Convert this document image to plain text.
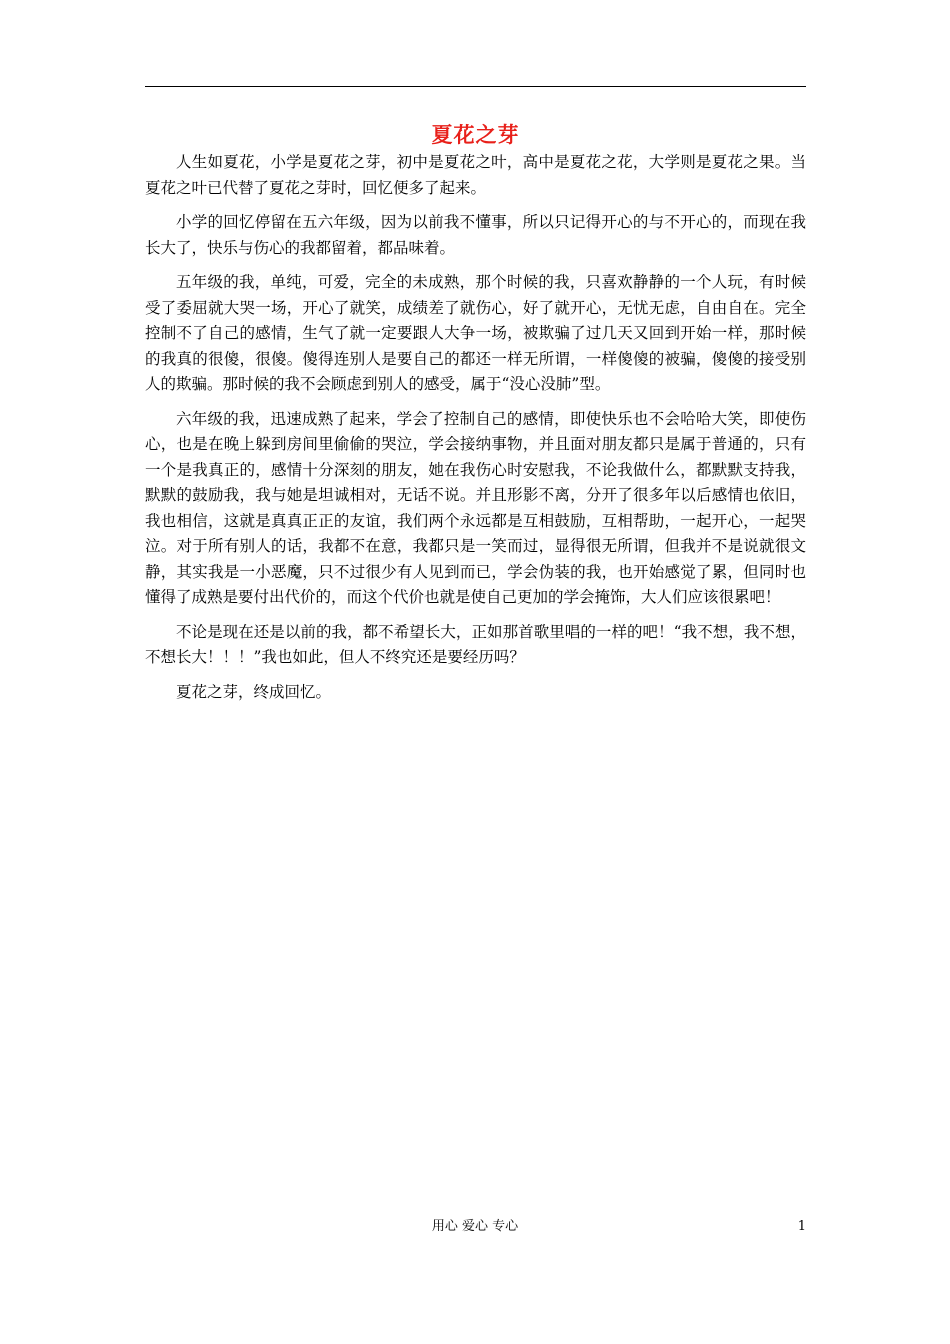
夏花之芽

人生如夏花，小学是夏花之芽，初中是夏花之叶，高中是夏花之花，大学则是夏花之果。当夏花之叶已代替了夏花之芽时，回忆便多了起来。

小学的回忆停留在五六年级，因为以前我不懂事，所以只记得开心的与不开心的，而现在我长大了，快乐与伤心的我都留着，都品味着。

五年级的我，单纯，可爱，完全的未成熟，那个时候的我，只喜欢静静的一个人玩，有时候受了委屈就大哭一场，开心了就笑，成绩差了就伤心，好了就开心，无忧无虑，自由自在。完全控制不了自己的感情，生气了就一定要跟人大争一场，被欺骗了过几天又回到开始一样，那时候的我真的很傻，很傻。傻得连别人是要自己的都还一样无所谓，一样傻傻的被骗，傻傻的接受别人的欺骗。那时候的我不会顾虑到别人的感受，属于“没心没肺”型。

六年级的我，迅速成熟了起来，学会了控制自己的感情，即使快乐也不会哈哈大笑，即使伤心，也是在晚上躲到房间里偷偷的哭泣，学会接纳事物，并且面对朋友都只是属于普通的，只有一个是我真正的，感情十分深刻的朋友，她在我伤心时安慰我，不论我做什么，都默默支持我，默默的鼓励我，我与她是坦诚相对，无话不说。并且形影不离，分开了很多年以后感情也依旧，我也相信，这就是真真正正的友谊，我们两个永远都是互相鼓励，互相帮助，一起开心，一起哭泣。对于所有别人的话，我都不在意，我都只是一笑而过，显得很无所谓，但我并不是说就很文静，其实我是一小恶魔，只不过很少有人见到而已，学会伪装的我，也开始感觉了累，但同时也懂得了成熟是要付出代价的，而这个代价也就是使自己更加的学会掩饰，大人们应该很累吧！

不论是现在还是以前的我，都不希望长大，正如那首歌里唱的一样的吧！“我不想，我不想，不想长大！！！”我也如此，但人不终究还是要经历吗？

夏花之芽，终成回忆。

用心 爱心 专心	1
